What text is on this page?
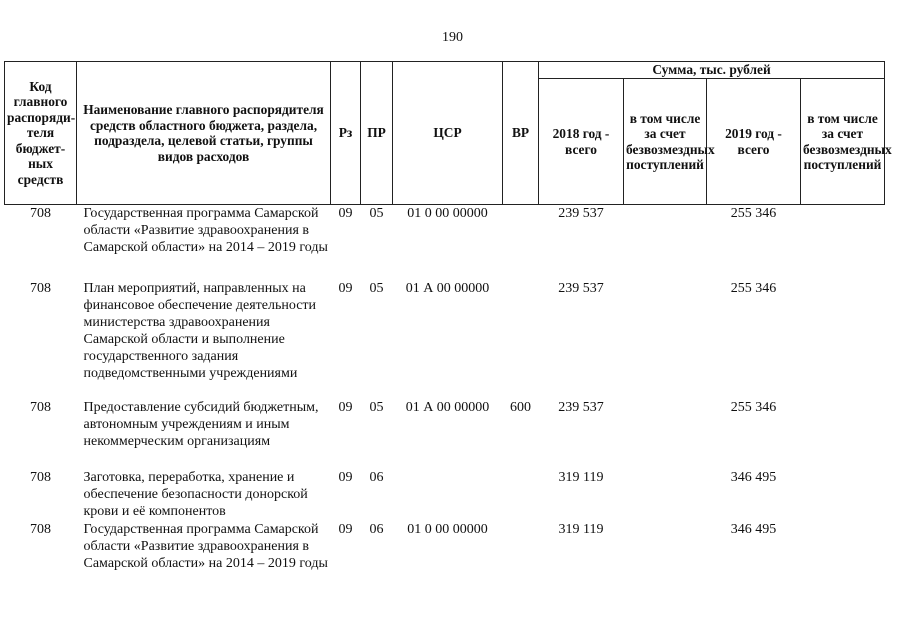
190
Код главного распорядителя бюджетных средств	Наименование главного распорядителя средств областного бюджета, раздела, подраздела, целевой статьи, группы видов расходов	Рз	ПР	ЦСР	ВР	Сумма, тыс. рублей			
						2018 год - всего	в том числе за счет безвозмездных поступлений	2019 год - всего	в том числе за счет безвозмездных поступлений
708	Государственная программа Самарской области «Развитие здравоохранения в Самарской области» на 2014 – 2019 годы	09	05	01 0 00 00000		239 537		255 346	
708	План мероприятий, направленных на финансовое обеспечение деятельности министерства здравоохранения Самарской области и выполнение государственного задания подведомственными учреждениями	09	05	01 А 00 00000		239 537		255 346	
708	Предоставление субсидий бюджетным, автономным учреждениям и иным некоммерческим организациям	09	05	01 А 00 00000	600	239 537		255 346	
708	Заготовка, переработка, хранение и обеспечение безопасности донорской крови и её компонентов	09	06			319 119		346 495	
708	Государственная программа Самарской области «Развитие здравоохранения в Самарской области» на 2014 – 2019 годы	09	06	01 0 00 00000		319 119		346 495	
